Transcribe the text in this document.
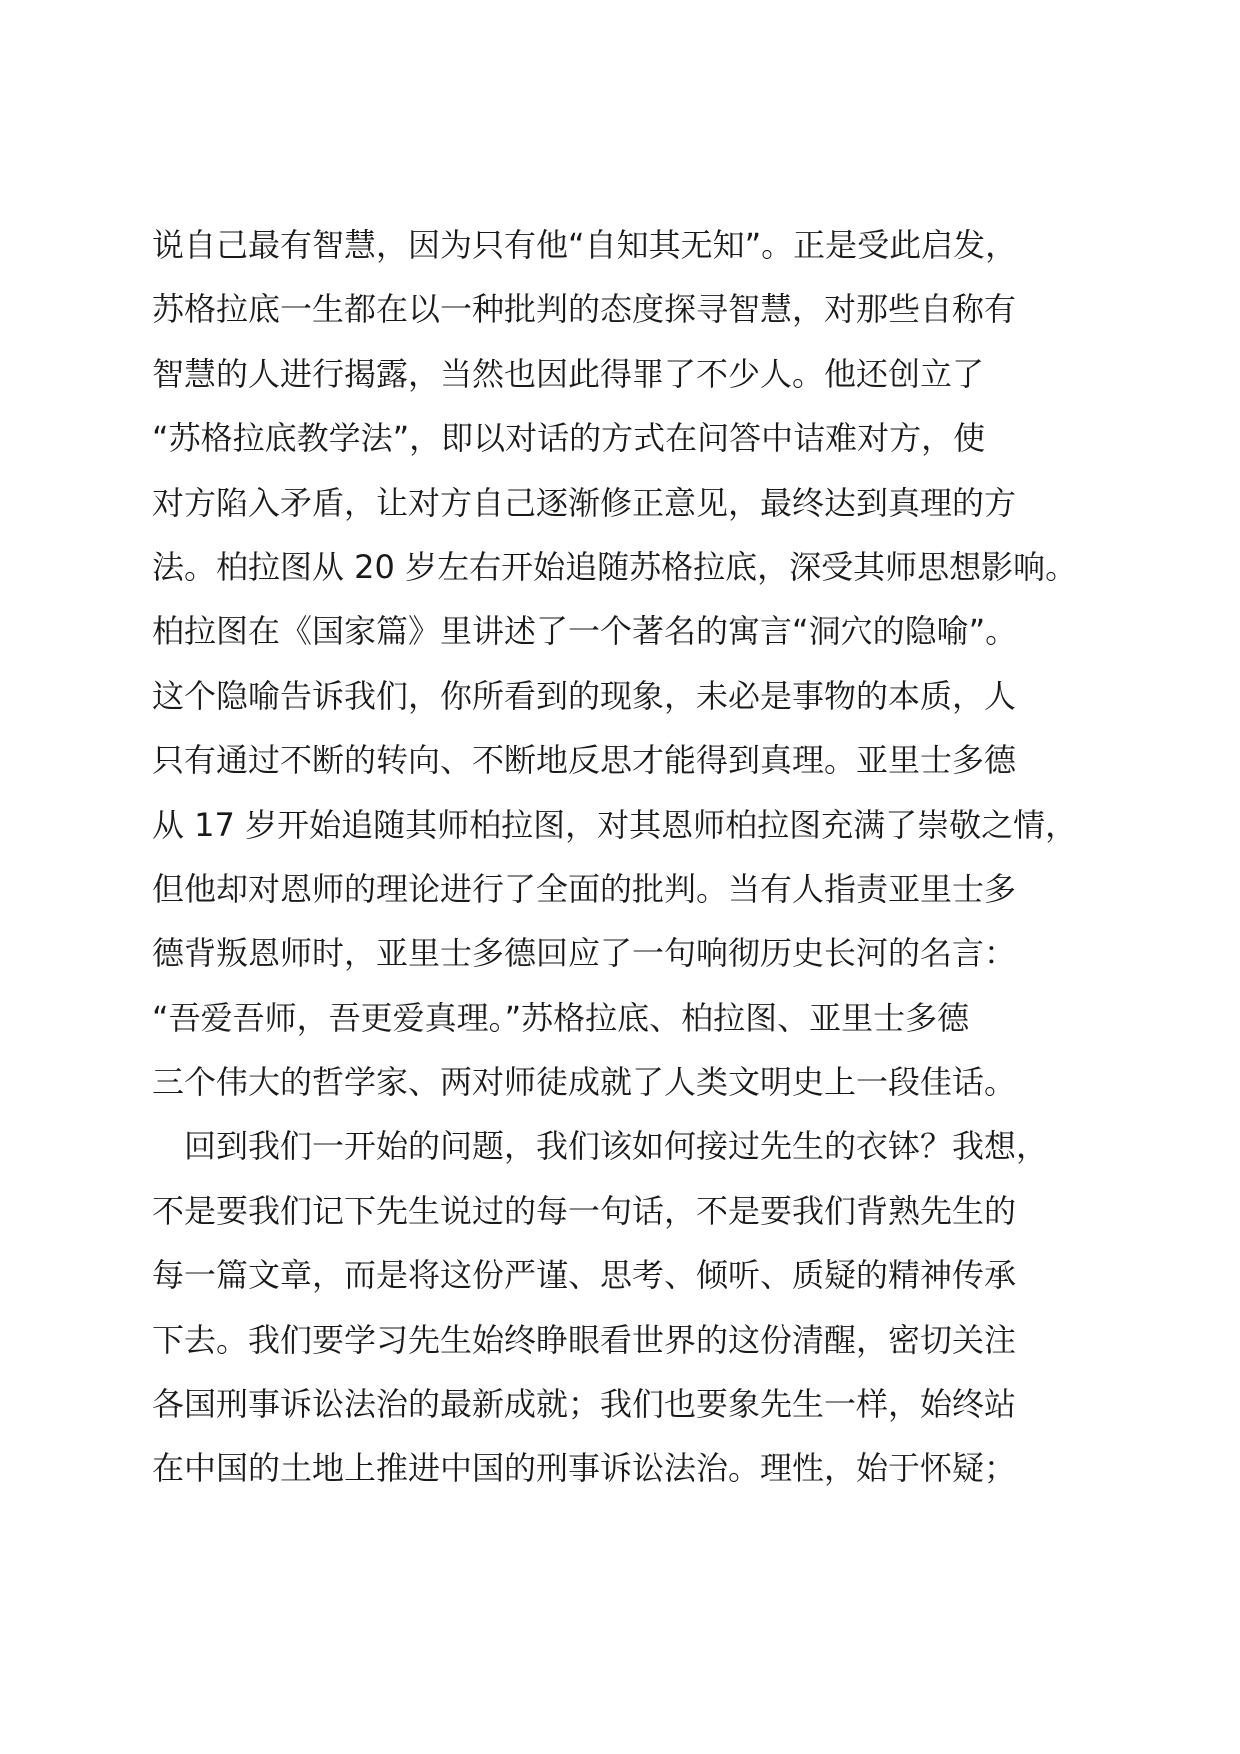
说自己最有智慧，因为只有他“自知其无知”。正是受此启发，
苏格拉底一生都在以一种批判的态度探寻智慧，对那些自称有
智慧的人进行揭露，当然也因此得罪了不少人。他还创立了
“苏格拉底教学法”，即以对话的方式在问答中诘难对方，使
对方陷入矛盾，让对方自己逐渐修正意见，最终达到真理的方
法。柏拉图从 20 岁左右开始追随苏格拉底，深受其师思想影响。
柏拉图在《国家篇》里讲述了一个著名的寓言“洞穴的隐喻”。
这个隐喻告诉我们，你所看到的现象，未必是事物的本质，人
只有通过不断的转向、不断地反思才能得到真理。亚里士多德
从 17 岁开始追随其师柏拉图，对其恩师柏拉图充满了崇敬之情，
但他却对恩师的理论进行了全面的批判。当有人指责亚里士多
德背叛恩师时，亚里士多德回应了一句响彻历史长河的名言：
“吾爱吾师，吾更爱真理。”苏格拉底、柏拉图、亚里士多德
三个伟大的哲学家、两对师徒成就了人类文明史上一段佳话。
　回到我们一开始的问题，我们该如何接过先生的衣钵？我想，
不是要我们记下先生说过的每一句话，不是要我们背熟先生的
每一篇文章，而是将这份严谨、思考、倾听、质疑的精神传承
下去。我们要学习先生始终睁眼看世界的这份清醒，密切关注
各国刑事诉讼法治的最新成就；我们也要象先生一样，始终站
在中国的土地上推进中国的刑事诉讼法治。理性，始于怀疑；
